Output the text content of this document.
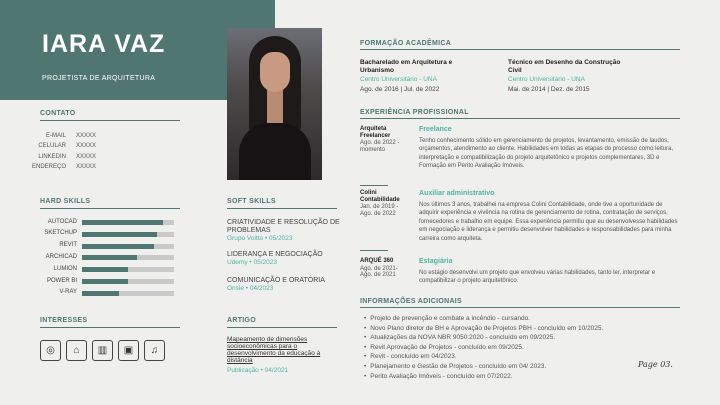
IARA VAZ
PROJETISTA DE ARQUITETURA
CONTATO
E-MAIL XXXXX
CELULAR XXXXX
LINKEDIN XXXXX
ENDEREÇO XXXXX
HARD SKILLS
AUTOCAD
SKETCHUP
REVIT
ARCHICAD
LUMION
POWER BI
V-RAY
SOFT SKILLS
CRIATIVIDADE E RESOLUÇÃO DE PROBLEMAS
Grupo Voitto • 05/2023
LIDERANÇA E NEGOCIAÇÃO
Udemy • 05/2023
COMUNICAÇÃO E ORATÓRIA
Onsie • 04/2023
INTERESSES
◎	⌂	▥	▣	♫
ARTIGO
Mapeamento de dimensões socioeconômicas para o desenvolvimento da educação à distância
Publicação • 04/2021
FORMAÇÃO ACADÊMICA
Bacharelado em Arquitetura e Urbanismo
Centro Universitário - UNA
Ago. de 2016 | Jul. de 2022
Técnico em Desenho da Construção Civil
Centro Universitário - UNA
Mai. de 2014 | Dez. de 2015
EXPERIÊNCIA PROFISSIONAL
Arquiteta Freelancer
Ago. de 2022 - momento
Freelance
Tenho conhecimento sólido em gerenciamento de projetos, levantamento, emissão de laudos, orçamentos, atendimento ao cliente. Habilidades em todas as etapas do processo como leitura, interpretação e compatibilização do projeto arquitetônico e projetos complementares, 3D e Formação em Perito Avaliação Imóveis.
Colini Contabilidade
Jan. de 2019 - Ago. de 2022
Auxiliar administrativo
Nos últimos 3 anos, trabalhei na empresa Colini Contabilidade, onde tive a oportunidade de adquirir experiência e vivência na rotina de gerenciamento de rotina, contratação de serviços, fornecedores e trabalho em equipe. Essa experiência permitiu que eu desenvolvesse habilidades em negociação e liderança e permitiu desenvolver habilidades e responsabilidades para minha carreira como arquiteta.
ARQUÉ 360
Ago. de 2021- Ago. de 2021
Estagiária
No estágio desenvolvi um projeto que envolveu várias habilidades, tanto ler, interpretar e compatibilizar o projeto arquitetônico.
INFORMAÇÕES ADICIONAIS
• Projeto de prevenção e combate a incêndio - cursando.
• Novo Plano diretor de BH e Aprovação de Projetos PBH - concluído em 10/2025.
• Atualizações da NOVA NBR 9050:2020 - concluído em 09/2025.
• Revit Aprovação de Projetos - concluído em 09/2025.
• Revit - concluído em 04/2023.
• Planejamento e Gestão de Projetos - concluído em 04/ 2023.
• Perito Avaliação Imóveis - concluído em 07/2022.
Page 03.
